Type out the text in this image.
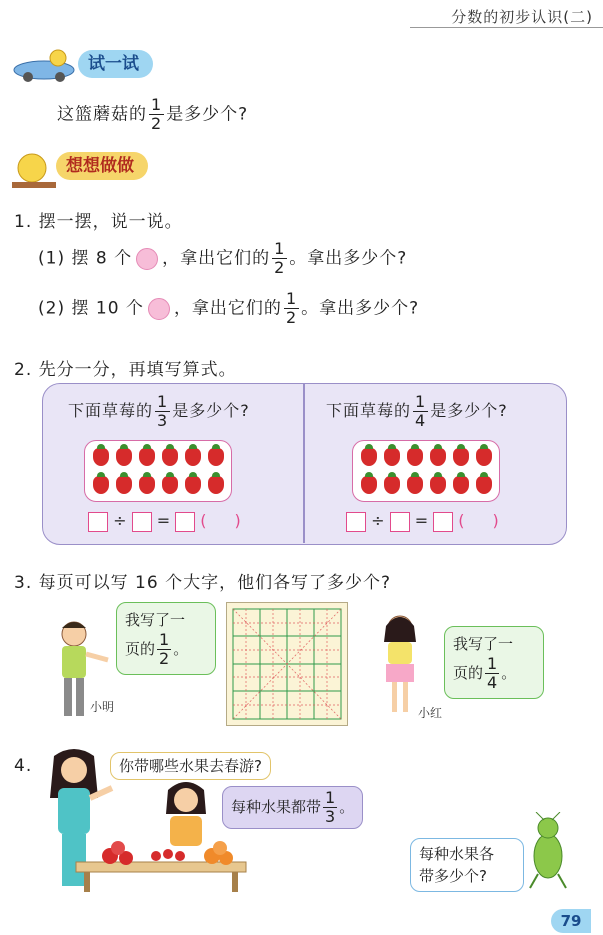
分数的初步认识(二)
试一试
这篮蘑菇的 $\frac{1}{2}$ 是多少个?
想想做做
1. 摆一摆，说一说。
(1) 摆 8 个 ，拿出它们的 $\frac{1}{2}$ 。拿出多少个?
(2) 摆 10 个 ，拿出它们的 $\frac{1}{2}$ 。拿出多少个?
2. 先分一分，再填写算式。
下面草莓的 $\frac{1}{3}$ 是多少个?
÷ = ( )
下面草莓的 $\frac{1}{4}$ 是多少个?
÷ = ( )
3. 每页可以写 16 个大字，他们各写了多少个?
小明
我写了一
页的 $\frac{1}{2}$ 。
小红
我写了一
页的 $\frac{1}{4}$ 。
4.	你带哪些水果去春游?
每种水果都带 $\frac{1}{3}$ 。
每种水果各
带多少个?
79
